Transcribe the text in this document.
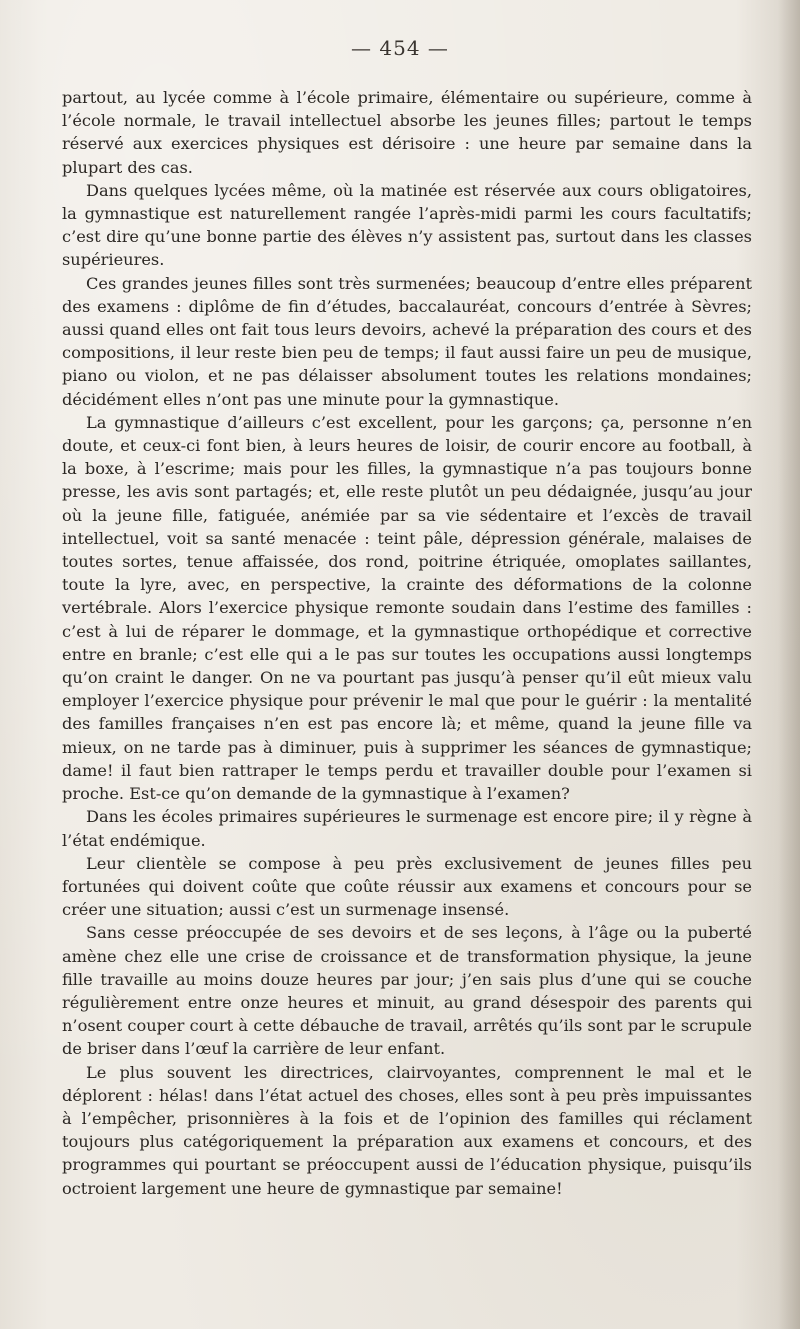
— 454 —

partout, au lycée comme à l’école primaire, élémentaire ou supérieure, comme à l’école normale, le travail intellectuel absorbe les jeunes filles; partout le temps réservé aux exercices physiques est dérisoire : une heure par semaine dans la plupart des cas.

Dans quelques lycées même, où la matinée est réservée aux cours obligatoires, la gymnastique est naturellement rangée l’après-midi parmi les cours facultatifs; c’est dire qu’une bonne partie des élèves n’y assistent pas, surtout dans les classes supérieures.

Ces grandes jeunes filles sont très surmenées; beaucoup d’entre elles préparent des examens : diplôme de fin d’études, baccalauréat, concours d’entrée à Sèvres; aussi quand elles ont fait tous leurs devoirs, achevé la préparation des cours et des compositions, il leur reste bien peu de temps; il faut aussi faire un peu de musique, piano ou violon, et ne pas délaisser absolument toutes les relations mondaines; décidément elles n’ont pas une minute pour la gymnastique.

La gymnastique d’ailleurs c’est excellent, pour les garçons; ça, personne n’en doute, et ceux-ci font bien, à leurs heures de loisir, de courir encore au football, à la boxe, à l’escrime; mais pour les filles, la gymnastique n’a pas toujours bonne presse, les avis sont partagés; et, elle reste plutôt un peu dédaignée, jusqu’au jour où la jeune fille, fatiguée, anémiée par sa vie sédentaire et l’excès de travail intellectuel, voit sa santé menacée : teint pâle, dépression générale, malaises de toutes sortes, tenue affaissée, dos rond, poitrine étriquée, omoplates saillantes, toute la lyre, avec, en perspective, la crainte des déformations de la colonne vertébrale. Alors l’exercice physique remonte soudain dans l’estime des familles : c’est à lui de réparer le dommage, et la gymnastique orthopédique et corrective entre en branle; c’est elle qui a le pas sur toutes les occupations aussi longtemps qu’on craint le danger. On ne va pourtant pas jusqu’à penser qu’il eût mieux valu employer l’exercice physique pour prévenir le mal que pour le guérir : la mentalité des familles françaises n’en est pas encore là; et même, quand la jeune fille va mieux, on ne tarde pas à diminuer, puis à supprimer les séances de gymnastique; dame! il faut bien rattraper le temps perdu et travailler double pour l’examen si proche. Est-ce qu’on demande de la gymnastique à l’examen?

Dans les écoles primaires supérieures le surmenage est encore pire; il y règne à l’état endémique.

Leur clientèle se compose à peu près exclusivement de jeunes filles peu fortunées qui doivent coûte que coûte réussir aux examens et concours pour se créer une situation; aussi c’est un surmenage insensé.

Sans cesse préoccupée de ses devoirs et de ses leçons, à l’âge ou la puberté amène chez elle une crise de croissance et de transformation physique, la jeune fille travaille au moins douze heures par jour; j’en sais plus d’une qui se couche régulièrement entre onze heures et minuit, au grand désespoir des parents qui n’osent couper court à cette débauche de travail, arrêtés qu’ils sont par le scrupule de briser dans l’œuf la carrière de leur enfant.

Le plus souvent les directrices, clairvoyantes, comprennent le mal et le déplorent : hélas! dans l’état actuel des choses, elles sont à peu près impuissantes à l’empêcher, prisonnières à la fois et de l’opinion des familles qui réclament toujours plus catégoriquement la préparation aux examens et concours, et des programmes qui pourtant se préoccupent aussi de l’éducation physique, puisqu’ils octroient largement une heure de gymnastique par semaine!
